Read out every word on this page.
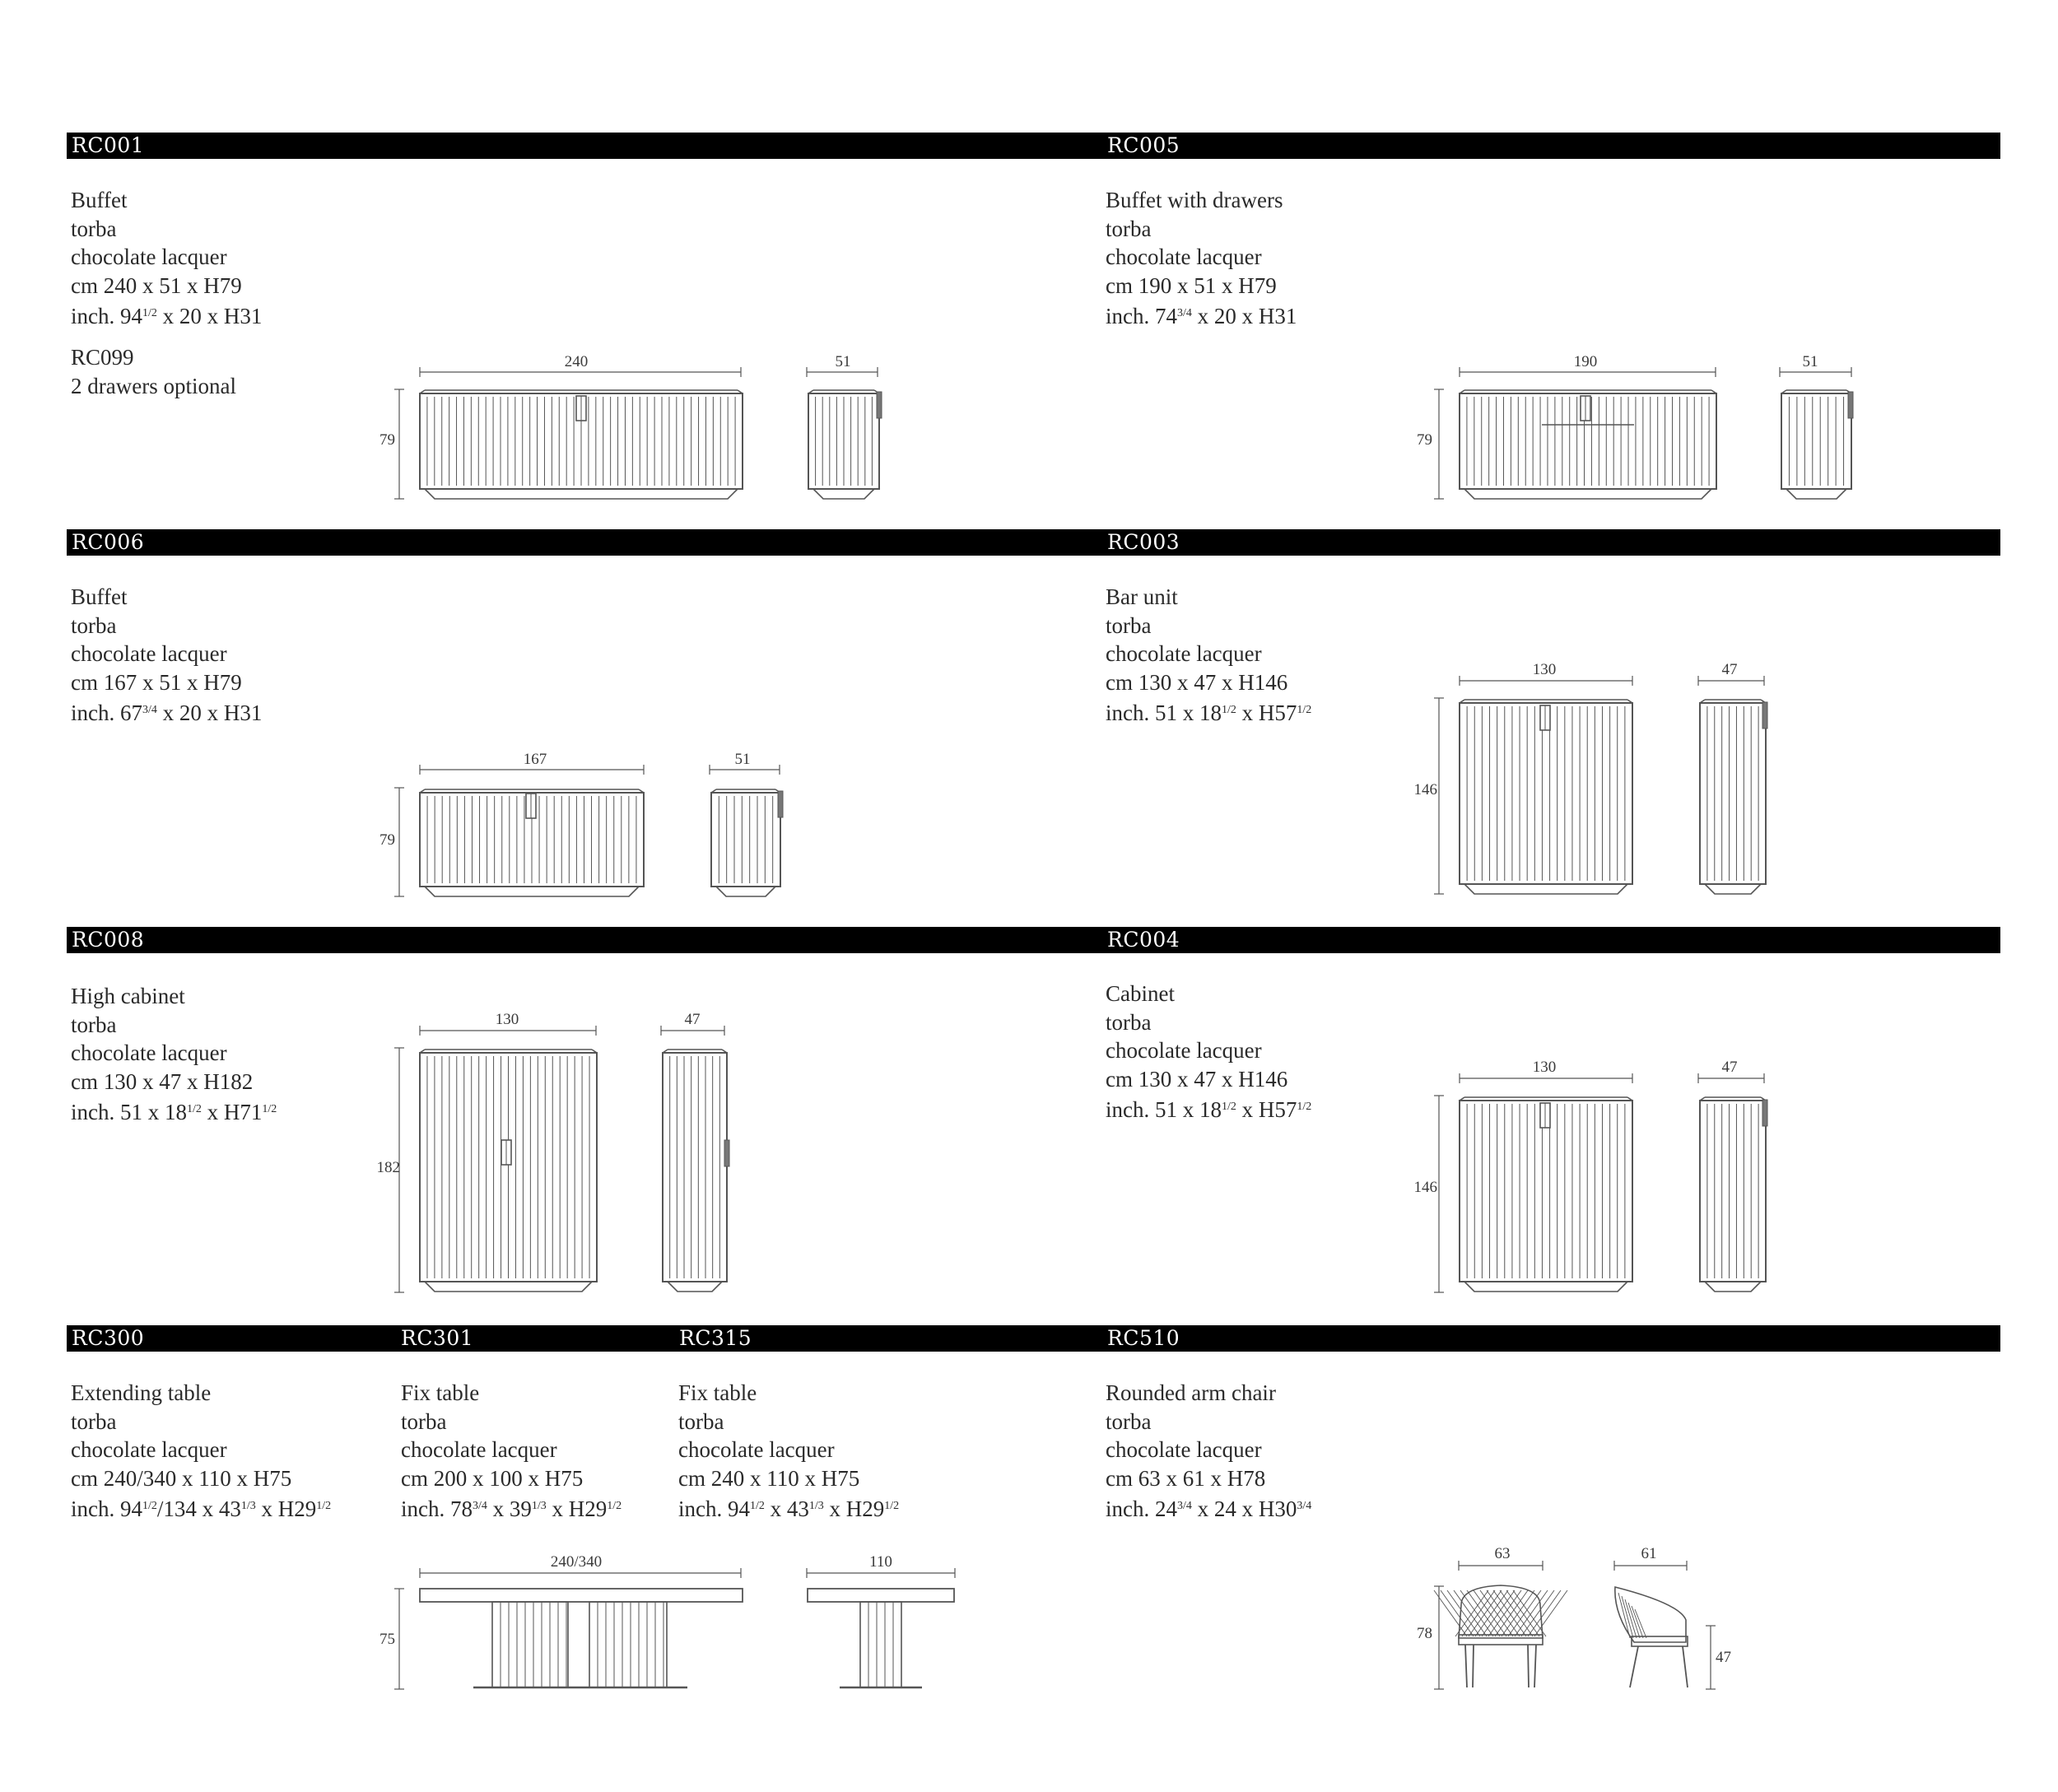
RC001	RC005
RC006	RC003
RC008	RC004
RC300	RC301	RC315	RC510
Buffet
torba
chocolate lacquer
cm 240 x 51 x H79
inch. $94^{1/2}$ x 20 x H31
RC099
2 drawers optional
Buffet with drawers
torba
chocolate lacquer
cm 190 x 51 x H79
inch. $74^{3/4}$ x 20 x H31
Buffet
torba
chocolate lacquer
cm 167 x 51 x H79
inch. $67^{3/4}$ x 20 x H31
Bar unit
torba
chocolate lacquer
cm 130 x 47 x H146
inch. 51 x $18^{1/2}$ x $H57^{1/2}$
High cabinet
torba
chocolate lacquer
cm 130 x 47 x H182
inch. 51 x $18^{1/2}$ x $H71^{1/2}$
Cabinet
torba
chocolate lacquer
cm 130 x 47 x H146
inch. 51 x $18^{1/2}$ x $H57^{1/2}$
Extending table
torba
chocolate lacquer
cm 240/340 x 110 x H75
inch. $94^{1/2}/134$ x $43^{1/3}$ x $H29^{1/2}$
Fix table
torba
chocolate lacquer
cm 200 x 100 x H75
inch. $78^{3/4}$ x $39^{1/3}$ x $H29^{1/2}$
Fix table
torba
chocolate lacquer
cm 240 x 110 x H75
inch. $94^{1/2}$ x $43^{1/3}$ x $H29^{1/2}$
Rounded arm chair
torba
chocolate lacquer
cm 63 x 61 x H78
inch. $24^{3/4}$ x 24 x $H30^{3/4}$
240	51
79
190	51
79
167	51
79
130	47
146
130	47
182
130	47
146
240/340	110
75
63	61
78
47
